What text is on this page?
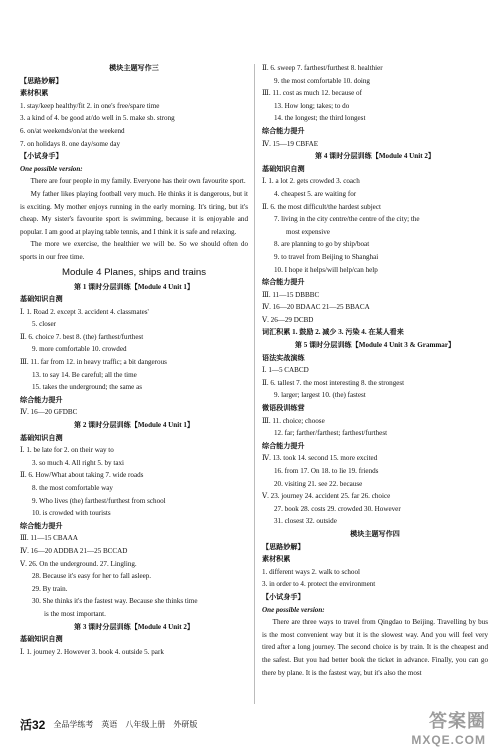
模块主题写作三
【思路妙解】
素材积累
1. stay/keep healthy/fit 2. in one's free/spare time
3. a kind of 4. be good at/do well in 5. make sb. strong
6. on/at weekends/on/at the weekend
7. on holidays 8. one day/some day
【小试身手】
One possible version:
There are four people in my family. Everyone has their own favourite sport.
My father likes playing football very much. He thinks it is dangerous, but it is exciting. My mother enjoys running in the early morning. It's tiring, but it's cheap. My sister's favourite sport is swimming, because it is enjoyable and popular. I am good at playing table tennis, and I think it is safe and relaxing.
The more we exercise, the healthier we will be. So we should often do sports in our free time.
Module 4 Planes, ships and trains
第 1 课时分层训练【Module 4 Unit 1】
基础知识自测
Ⅰ. 1. Road 2. except 3. accident 4. classmates'
5. closer
Ⅱ. 6. choice 7. best 8. (the) farthest/furthest
9. more comfortable 10. crowded
Ⅲ. 11. far from 12. in heavy traffic; a bit dangerous
13. to say 14. Be careful; all the time
15. takes the underground; the same as
综合能力提升
Ⅳ. 16—20 GFDBC
第 2 课时分层训练【Module 4 Unit 1】
基础知识自测
Ⅰ. 1. be late for 2. on their way to
3. so much 4. All right 5. by taxi
Ⅱ. 6. How/What about taking 7. wide roads
8. the most comfortable way
9. Who lives (the) farthest/furthest from school
10. is crowded with tourists
综合能力提升
Ⅲ. 11—15 CBAAA
Ⅳ. 16—20 ADDBA 21—25 BCCAD
Ⅴ. 26. On the underground. 27. Lingling.
28. Because it's easy for her to fall asleep.
29. By train.
30. She thinks it's the fastest way. Because she thinks time
is the most important.
第 3 课时分层训练【Module 4 Unit 2】
基础知识自测
Ⅰ. 1. journey 2. However 3. book 4. outside 5. park
Ⅱ. 6. sweep 7. farthest/furthest 8. healthier
9. the most comfortable 10. doing
Ⅲ. 11. cost as much 12. because of
13. How long; takes; to do
14. the longest; the third longest
综合能力提升
Ⅳ. 15—19 CBFAE
第 4 课时分层训练【Module 4 Unit 2】
基础知识自测
Ⅰ. 1. a lot 2. gets crowded 3. coach
4. cheapest 5. are waiting for
Ⅱ. 6. the most difficult/the hardest subject
7. living in the city centre/the centre of the city; the
most expensive
8. are planning to go by ship/boat
9. to travel from Beijing to Shanghai
10. I hope it helps/will help/can help
综合能力提升
Ⅲ. 11—15 DBBBC
Ⅳ. 16—20 BDAAC 21—25 BBACA
Ⅴ. 26—29 DCBD
词汇积累 1. 鼓励 2. 减少 3. 污染 4. 在某人看来
第 5 课时分层训练【Module 4 Unit 3 & Grammar】
语法实战演练
Ⅰ. 1—5 CABCD
Ⅱ. 6. tallest 7. the most interesting 8. the strongest
9. larger; largest 10. (the) fastest
微语段训练营
Ⅲ. 11. choice; choose
12. far; farther/farthest; farthest/furthest
综合能力提升
Ⅳ. 13. took 14. second 15. more excited
16. from 17. On 18. to lie 19. friends
20. visiting 21. see 22. because
Ⅴ. 23. journey 24. accident 25. far 26. choice
27. book 28. costs 29. crowded 30. However
31. closest 32. outside
模块主题写作四
【思路妙解】
素材积累
1. different ways 2. walk to school
3. in order to 4. protect the environment
【小试身手】
One possible version:
There are three ways to travel from Qingdao to Beijing. Travelling by bus is the most convenient way but it is the slowest way. And you will feel very tired after a long journey. The second choice is by train. It is the cheapest and the safest. But you had better book the ticket in advance. Finally, you can go there by plane. It is the fastest way, but it's also the most
活32 全品学练考 英语 八年级上册 外研版	答案圈
MXQE.COM
